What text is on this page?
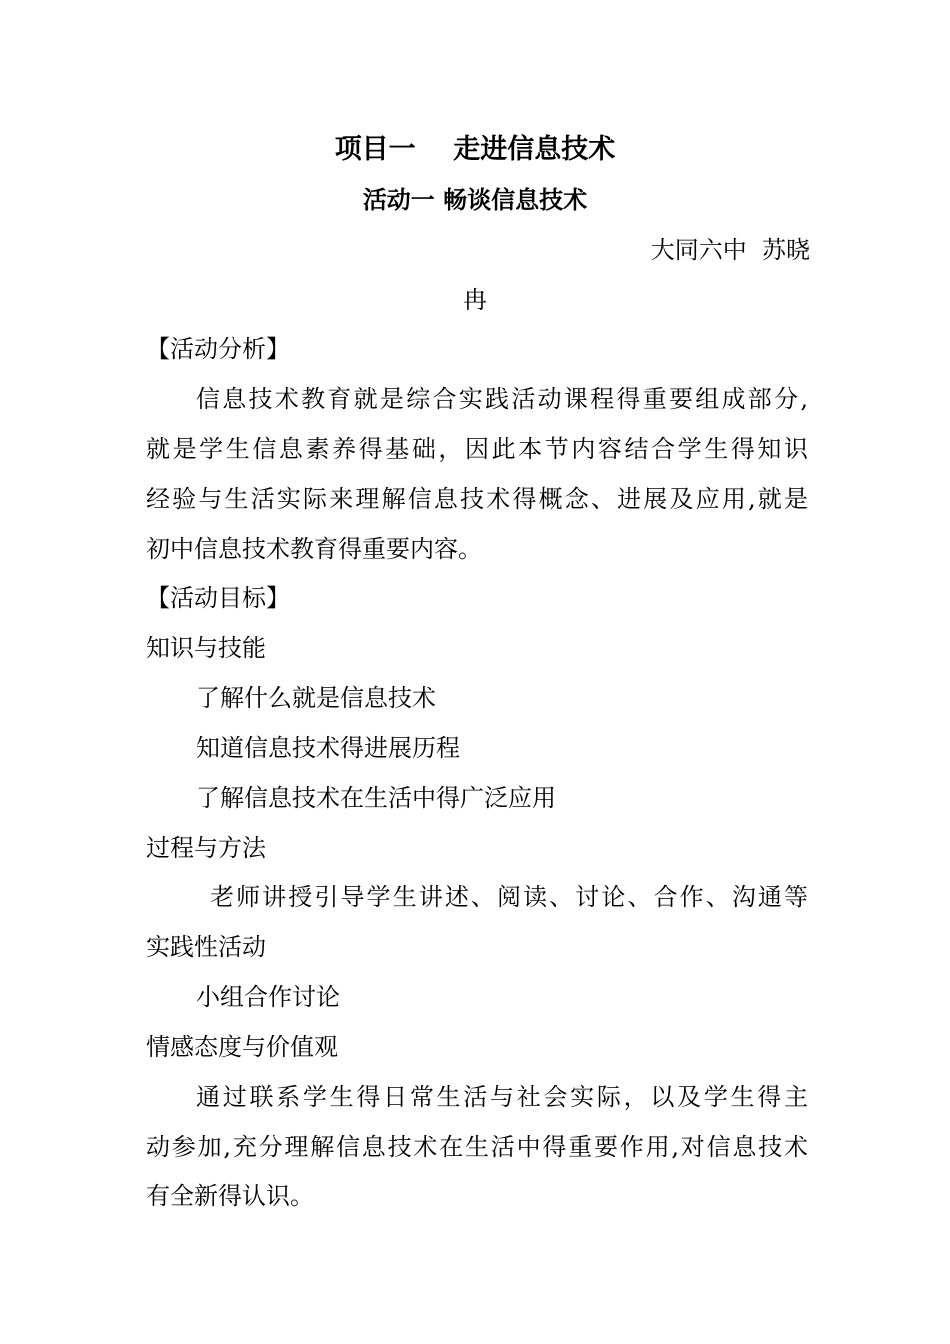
项目一    走进信息技术
活动一 畅谈信息技术
大同六中  苏晓
冉
【活动分析】
信息技术教育就是综合实践活动课程得重要组成部分,
就是学生信息素养得基础，因此本节内容结合学生得知识
经验与生活实际来理解信息技术得概念、进展及应用,就是
初中信息技术教育得重要内容。
【活动目标】
知识与技能
了解什么就是信息技术
知道信息技术得进展历程
了解信息技术在生活中得广泛应用
过程与方法
老师讲授引导学生讲述、阅读、讨论、合作、沟通等
实践性活动
小组合作讨论
情感态度与价值观
通过联系学生得日常生活与社会实际，以及学生得主
动参加,充分理解信息技术在生活中得重要作用,对信息技术
有全新得认识。
